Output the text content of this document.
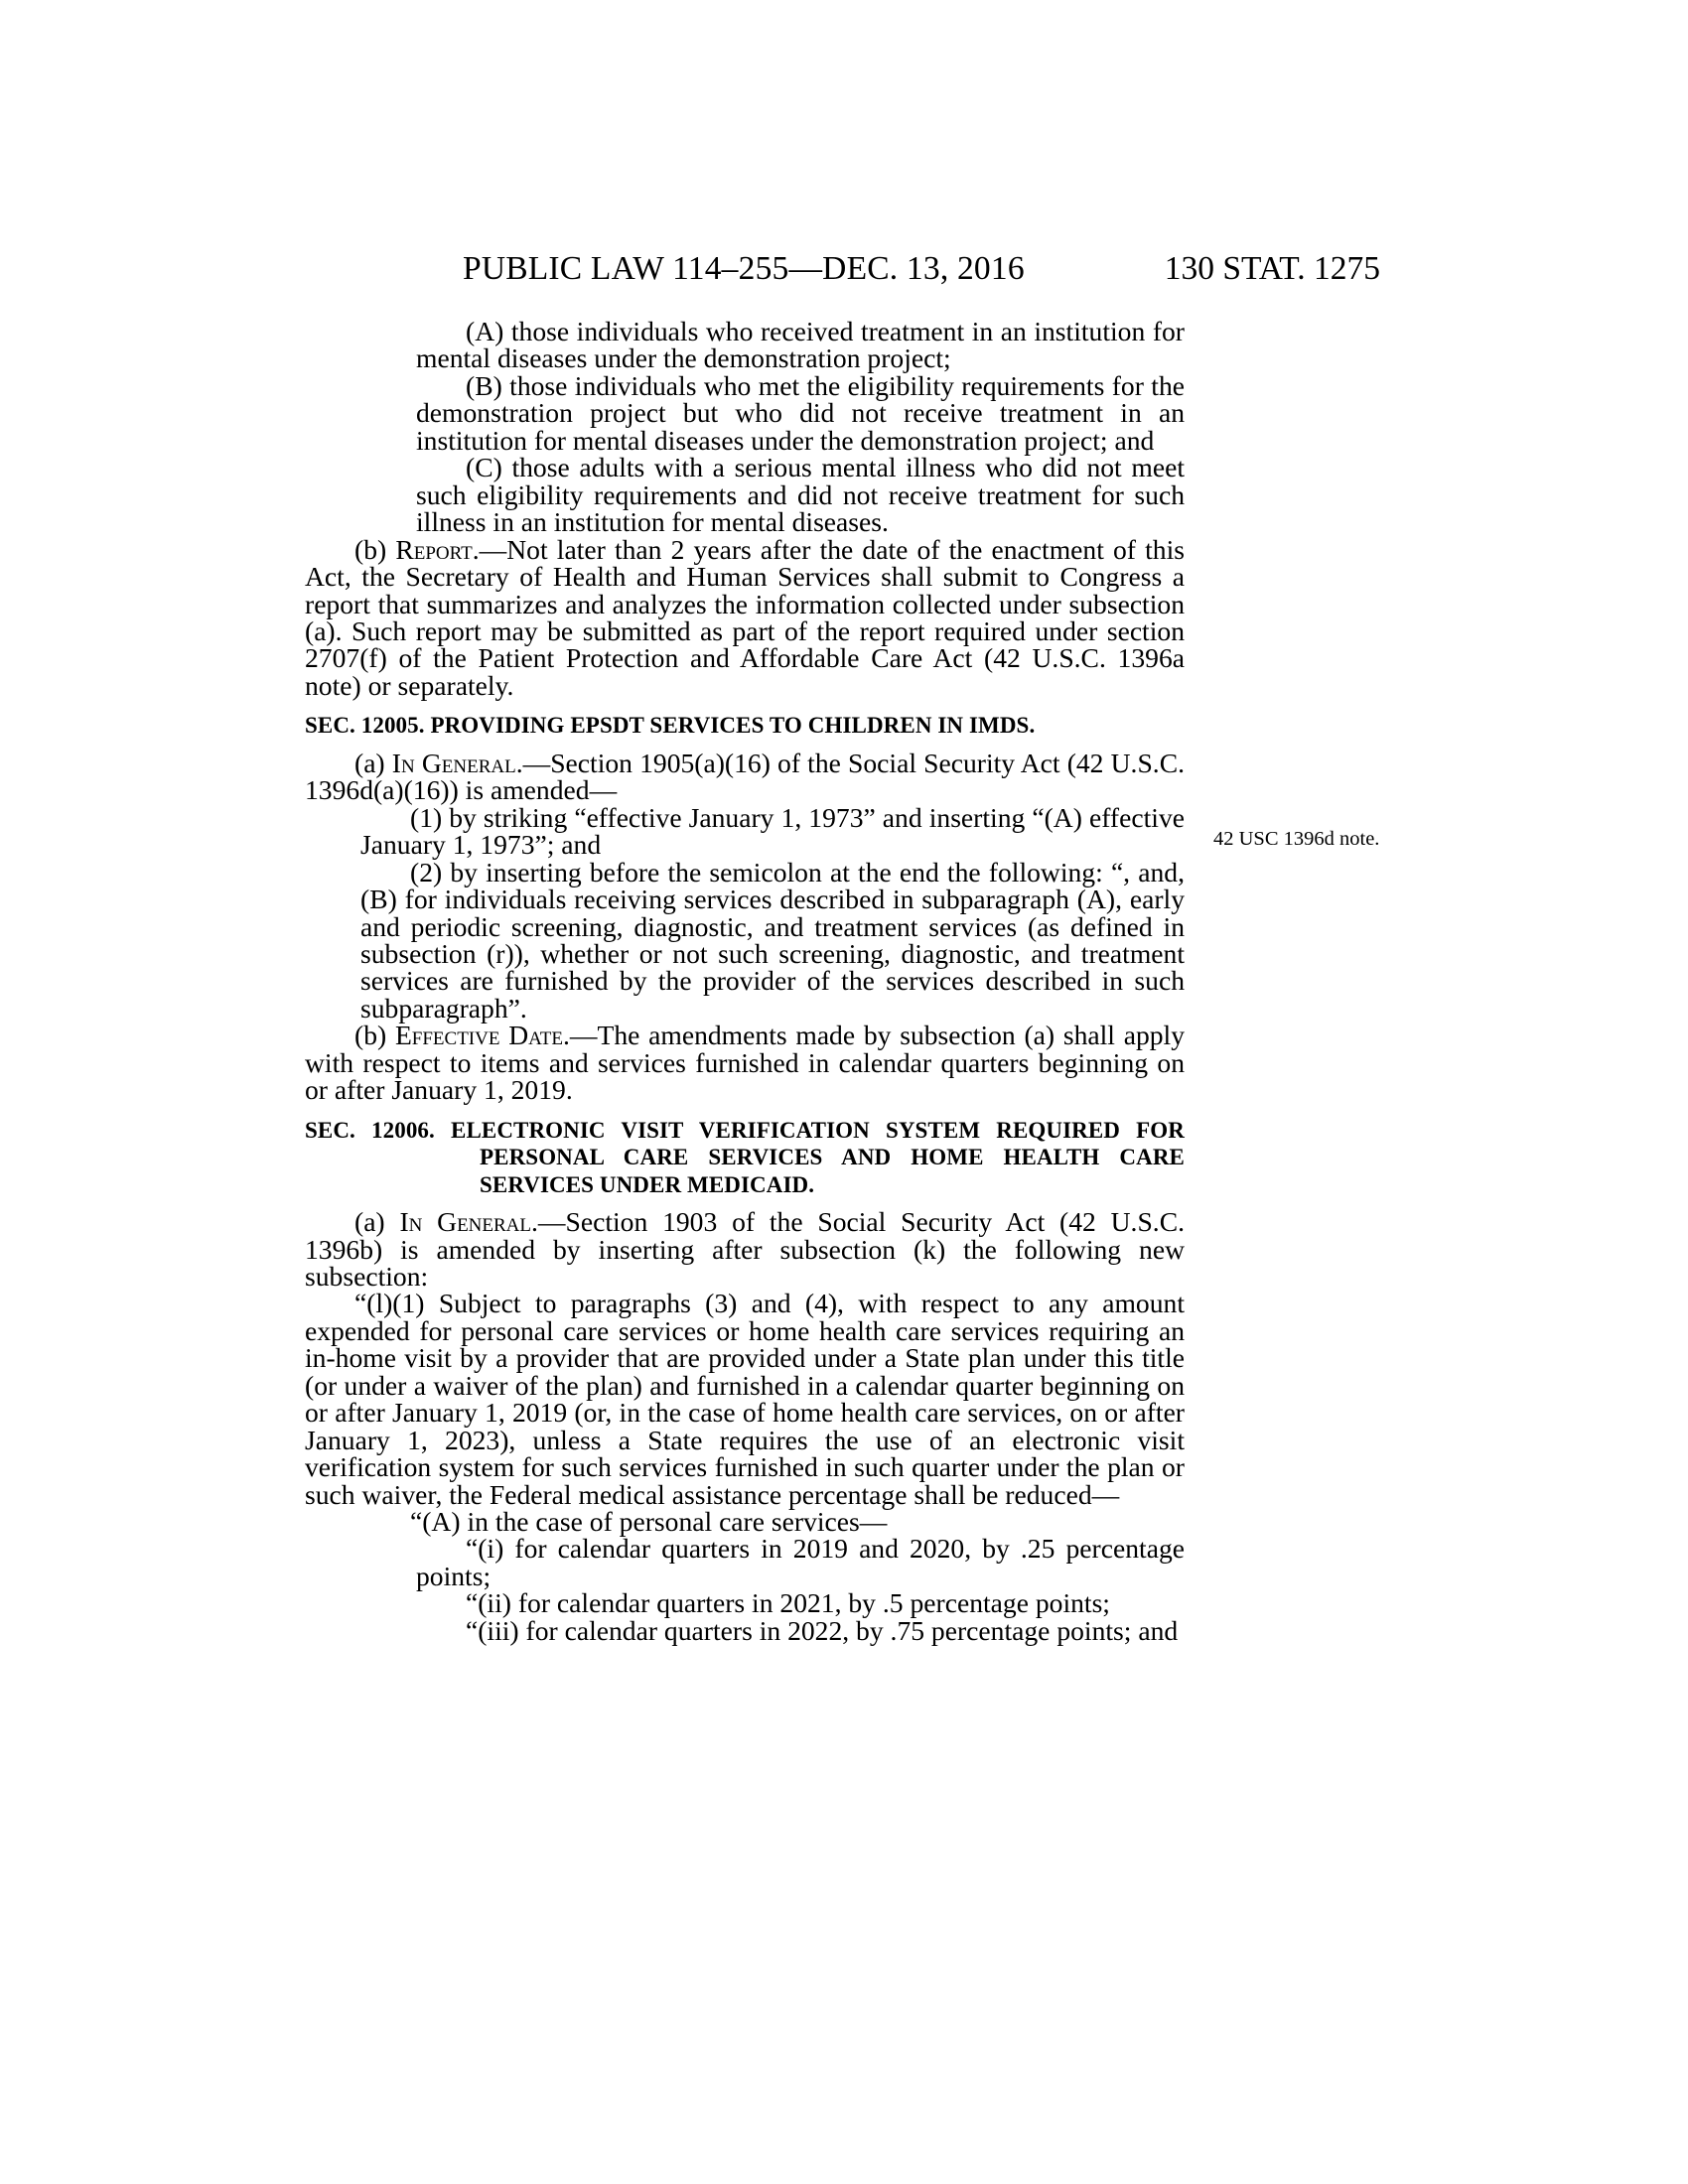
PUBLIC LAW 114–255—DEC. 13, 2016	130 STAT. 1275

(A) those individuals who received treatment in an institution for mental diseases under the demonstration project;

(B) those individuals who met the eligibility requirements for the demonstration project but who did not receive treatment in an institution for mental diseases under the demonstration project; and

(C) those adults with a serious mental illness who did not meet such eligibility requirements and did not receive treatment for such illness in an institution for mental diseases.

(b) Report.—Not later than 2 years after the date of the enactment of this Act, the Secretary of Health and Human Services shall submit to Congress a report that summarizes and analyzes the information collected under subsection (a). Such report may be submitted as part of the report required under section 2707(f) of the Patient Protection and Affordable Care Act (42 U.S.C. 1396a note) or separately.

SEC. 12005. PROVIDING EPSDT SERVICES TO CHILDREN IN IMDS.

(a) In General.—Section 1905(a)(16) of the Social Security Act (42 U.S.C. 1396d(a)(16)) is amended—

(1) by striking “effective January 1, 1973” and inserting “(A) effective January 1, 1973”; and

(2) by inserting before the semicolon at the end the following: “, and, (B) for individuals receiving services described in subparagraph (A), early and periodic screening, diagnostic, and treatment services (as defined in subsection (r)), whether or not such screening, diagnostic, and treatment services are furnished by the provider of the services described in such subparagraph”.

(b) Effective Date.—The amendments made by subsection (a) shall apply with respect to items and services furnished in calendar quarters beginning on or after January 1, 2019.

SEC. 12006. ELECTRONIC VISIT VERIFICATION SYSTEM REQUIRED FOR PERSONAL CARE SERVICES AND HOME HEALTH CARE SERVICES UNDER MEDICAID.

(a) In General.—Section 1903 of the Social Security Act (42 U.S.C. 1396b) is amended by inserting after subsection (k) the following new subsection:

“(l)(1) Subject to paragraphs (3) and (4), with respect to any amount expended for personal care services or home health care services requiring an in-home visit by a provider that are provided under a State plan under this title (or under a waiver of the plan) and furnished in a calendar quarter beginning on or after January 1, 2019 (or, in the case of home health care services, on or after January 1, 2023), unless a State requires the use of an electronic visit verification system for such services furnished in such quarter under the plan or such waiver, the Federal medical assistance percentage shall be reduced—

“(A) in the case of personal care services—

“(i) for calendar quarters in 2019 and 2020, by .25 percentage points;

“(ii) for calendar quarters in 2021, by .5 percentage points;

“(iii) for calendar quarters in 2022, by .75 percentage points; and

42 USC 1396d note.
